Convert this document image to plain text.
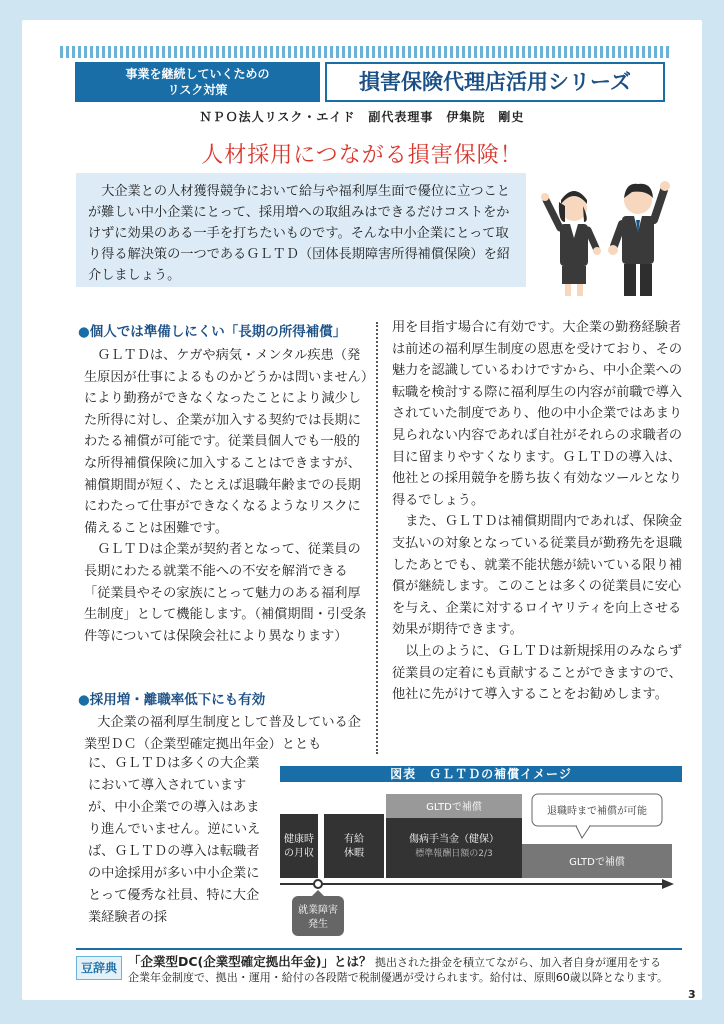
事業を継続していくための
リスク対策	損害保険代理店活用シリーズ
ＮＰＯ法人リスク・エイド　副代表理事　伊集院　剛史
人材採用につながる損害保険！
大企業との人材獲得競争において給与や福利厚生面で優位に立つことが難しい中小企業にとって、採用増への取組みはできるだけコストをかけずに効果のある一手を打ちたいものです。そんな中小企業にとって取り得る解決策の一つであるＧＬＴＤ（団体長期障害所得補償保険）を紹介しましょう。
●個人では準備しにくい「長期の所得補償」

ＧＬＴＤは、ケガや病気・メンタル疾患（発生原因が仕事によるものかどうかは問いません）により勤務ができなくなったことにより減少した所得に対し、企業が加入する契約では長期にわたる補償が可能です。従業員個人でも一般的な所得補償保険に加入することはできますが、補償期間が短く、たとえば退職年齢までの長期にわたって仕事ができなくなるようなリスクに備えることは困難です。

ＧＬＴＤは企業が契約者となって、従業員の長期にわたる就業不能への不安を解消できる「従業員やその家族にとって魅力のある福利厚生制度」として機能します。（補償期間・引受条件等については保険会社により異なります）

●採用増・離職率低下にも有効

大企業の福利厚生制度として普及している企業型ＤＣ（企業型確定拠出年金）ととも

に、ＧＬＴＤは多くの大企業において導入されていますが、中小企業での導入はあまり進んでいません。逆にいえば、ＧＬＴＤの導入は転職者の中途採用が多い中小企業にとって優秀な社員、特に大企業経験者の採

用を目指す場合に有効です。大企業の勤務経験者は前述の福利厚生制度の恩恵を受けており、その魅力を認識しているわけですから、中小企業への転職を検討する際に福利厚生の内容が前職で導入されていた制度であり、他の中小企業ではあまり見られない内容であれば自社がそれらの求職者の目に留まりやすくなります。ＧＬＴＤの導入は、他社との採用競争を勝ち抜く有効なツールとなり得るでしょう。

また、ＧＬＴＤは補償期間内であれば、保険金支払いの対象となっている従業員が勤務先を退職したあとでも、就業不能状態が続いている限り補償が継続します。このことは多くの従業員に安心を与え、企業に対するロイヤリティを向上させる効果が期待できます。

以上のように、ＧＬＴＤは新規採用のみならず従業員の定着にも貢献することができますので、他社に先がけて導入することをお勧めします。

図表　ＧＬＴＤの補償イメージ
健康時
の月収
有給
休暇
GLTDで補償
傷病手当金（健保）
標準報酬日額の2/3
GLTDで補償
退職時まで補償が可能
就業障害
発生
豆辞典 「企業型DC(企業型確定拠出年金)」とは？ 拠出された掛金を積立てながら、加入者自身が運用をする
企業年金制度で、拠出・運用・給付の各段階で税制優遇が受けられます。給付は、原則60歳以降となります。
3
